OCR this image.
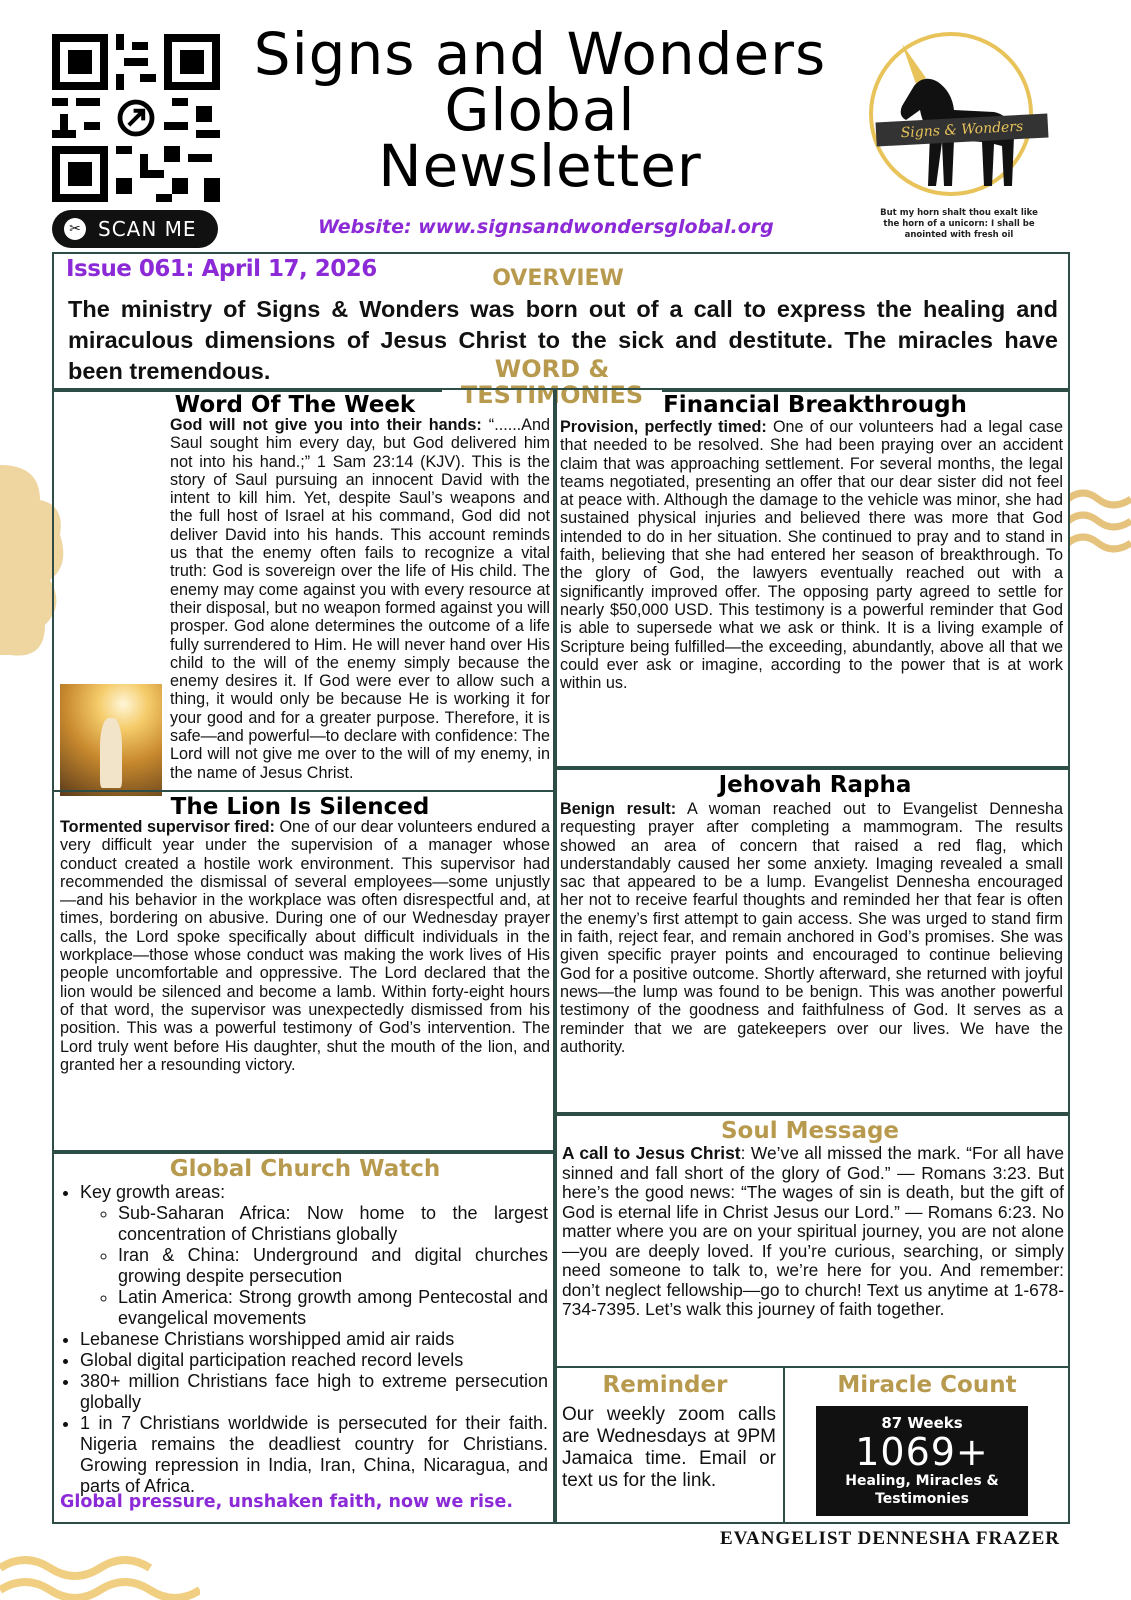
✂ SCAN ME
Signs and Wonders
Global
Newsletter
Website: www.signsandwondersglobal.org
Signs & Wonders
But my horn shalt thou exalt like the horn of a unicorn: I shall be anointed with fresh oil
Issue 061: April 17, 2026	OVERVIEW
The ministry of Signs & Wonders was born out of a call to express the healing and miraculous dimensions of Jesus Christ to the sick and destitute. The miracles have been tremendous.	WORD &
TESTIMONIES
Word Of The Week

God will not give you into their hands: “......And Saul sought him every day, but God delivered him not into his hand.;” 1 Sam 23:14 (KJV). This is the story of Saul pursuing an innocent David with the intent to kill him. Yet, despite Saul’s weapons and the full host of Israel at his command, God did not deliver David into his hands. This account reminds us that the enemy often fails to recognize a vital truth: God is sovereign over the life of His child. The enemy may come against you with every resource at their disposal, but no weapon formed against you will prosper. God alone determines the outcome of a life fully surrendered to Him. He will never hand over His child to the will of the enemy simply because the enemy desires it. If God were ever to allow such a thing, it would only be because He is working it for your good and for a greater purpose. Therefore, it is safe—and powerful—to declare with confidence: The Lord will not give me over to the will of my enemy, in the name of Jesus Christ.

Financial Breakthrough

Provision, perfectly timed: One of our volunteers had a legal case that needed to be resolved. She had been praying over an accident claim that was approaching settlement. For several months, the legal teams negotiated, presenting an offer that our dear sister did not feel at peace with. Although the damage to the vehicle was minor, she had sustained physical injuries and believed there was more that God intended to do in her situation. She continued to pray and to stand in faith, believing that she had entered her season of breakthrough. To the glory of God, the lawyers eventually reached out with a significantly improved offer. The opposing party agreed to settle for nearly $50,000 USD. This testimony is a powerful reminder that God is able to supersede what we ask or think. It is a living example of Scripture being fulfilled—the exceeding, abundantly, above all that we could ever ask or imagine, according to the power that is at work within us.

The Lion Is Silenced

Tormented supervisor fired: One of our dear volunteers endured a very difficult year under the supervision of a manager whose conduct created a hostile work environment. This supervisor had recommended the dismissal of several employees—some unjustly—and his behavior in the workplace was often disrespectful and, at times, bordering on abusive. During one of our Wednesday prayer calls, the Lord spoke specifically about difficult individuals in the workplace—those whose conduct was making the work lives of His people uncomfortable and oppressive. The Lord declared that the lion would be silenced and become a lamb. Within forty-eight hours of that word, the supervisor was unexpectedly dismissed from his position. This was a powerful testimony of God’s intervention. The Lord truly went before His daughter, shut the mouth of the lion, and granted her a resounding victory.

Jehovah Rapha

Benign result: A woman reached out to Evangelist Dennesha requesting prayer after completing a mammogram. The results showed an area of concern that raised a red flag, which understandably caused her some anxiety. Imaging revealed a small sac that appeared to be a lump. Evangelist Dennesha encouraged her not to receive fearful thoughts and reminded her that fear is often the enemy’s first attempt to gain access. She was urged to stand firm in faith, reject fear, and remain anchored in God’s promises. She was given specific prayer points and encouraged to continue believing God for a positive outcome. Shortly afterward, she returned with joyful news—the lump was found to be benign. This was another powerful testimony of the goodness and faithfulness of God. It serves as a reminder that we are gatekeepers over our lives. We have the authority.

Global Church Watch
• Key growth areas:
◦ Sub-Saharan Africa: Now home to the largest concentration of Christians globally
◦ Iran & China: Underground and digital churches growing despite persecution
◦ Latin America: Strong growth among Pentecostal and evangelical movements
• Lebanese Christians worshipped amid air raids
• Global digital participation reached record levels
• 380+ million Christians face high to extreme persecution globally
• 1 in 7 Christians worldwide is persecuted for their faith. Nigeria remains the deadliest country for Christians. Growing repression in India, Iran, China, Nicaragua, and parts of Africa.
Global pressure, unshaken faith, now we rise.
Soul Message
A call to Jesus Christ: We’ve all missed the mark. “For all have sinned and fall short of the glory of God.” — Romans 3:23. But here’s the good news: “The wages of sin is death, but the gift of God is eternal life in Christ Jesus our Lord.” — Romans 6:23. No matter where you are on your spiritual journey, you are not alone—you are deeply loved. If you’re curious, searching, or simply need someone to talk to, we’re here for you. And remember: don’t neglect fellowship—go to church! Text us anytime at 1-678-734-7395. Let’s walk this journey of faith together.
Reminder
Our weekly zoom calls are Wednesdays at 9PM Jamaica time. Email or text us for the link.
Miracle Count
87 Weeks
1069+
Healing, Miracles & Testimonies
EVANGELIST DENNESHA FRAZER
